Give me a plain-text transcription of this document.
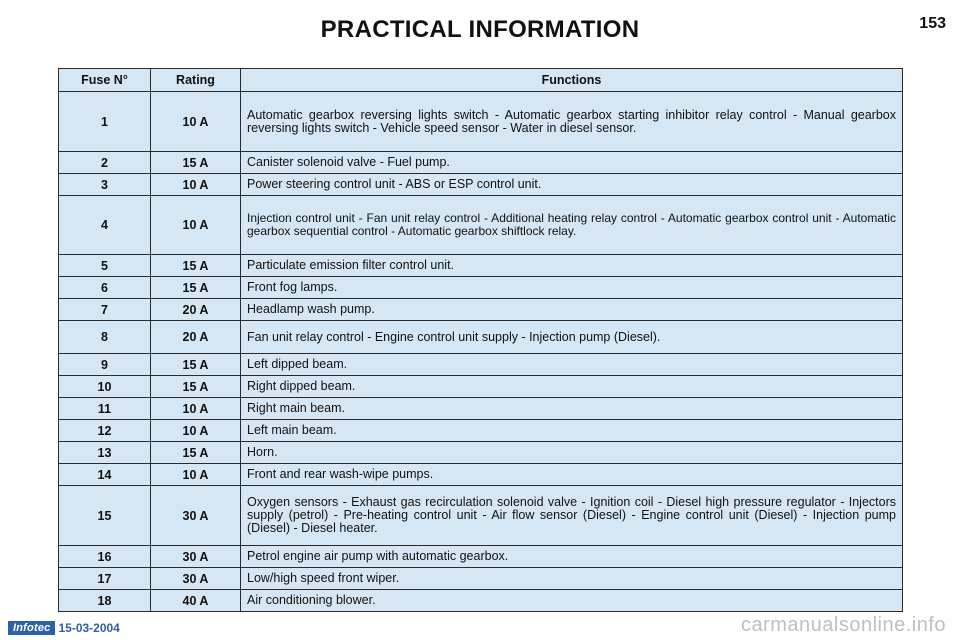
PRACTICAL INFORMATION	153
Fuse N°	Rating	Functions
1	10 A	Automatic gearbox reversing lights switch - Automatic gearbox starting inhibitor relay control - Manual gearbox reversing lights switch - Vehicle speed sensor - Water in diesel sensor.
2	15 A	Canister solenoid valve - Fuel pump.
3	10 A	Power steering control unit - ABS or ESP control unit.
4	10 A	Injection control unit - Fan unit relay control - Additional heating relay control - Automatic gearbox control unit - Automatic gearbox sequential control - Automatic gearbox shiftlock relay.
5	15 A	Particulate emission filter control unit.
6	15 A	Front fog lamps.
7	20 A	Headlamp wash pump.
8	20 A	Fan unit relay control - Engine control unit supply - Injection pump (Diesel).
9	15 A	Left dipped beam.
10	15 A	Right dipped beam.
11	10 A	Right main beam.
12	10 A	Left main beam.
13	15 A	Horn.
14	10 A	Front and rear wash-wipe pumps.
15	30 A	Oxygen sensors - Exhaust gas recirculation solenoid valve - Ignition coil - Diesel high pressure regulator - Injectors supply (petrol) - Pre-heating control unit - Air flow sensor (Diesel) - Engine control unit (Diesel) - Injection pump (Diesel) - Diesel heater.
16	30 A	Petrol engine air pump with automatic gearbox.
17	30 A	Low/high speed front wiper.
18	40 A	Air conditioning blower.
Infotec 15-03-2004	carmanualsonline.info
